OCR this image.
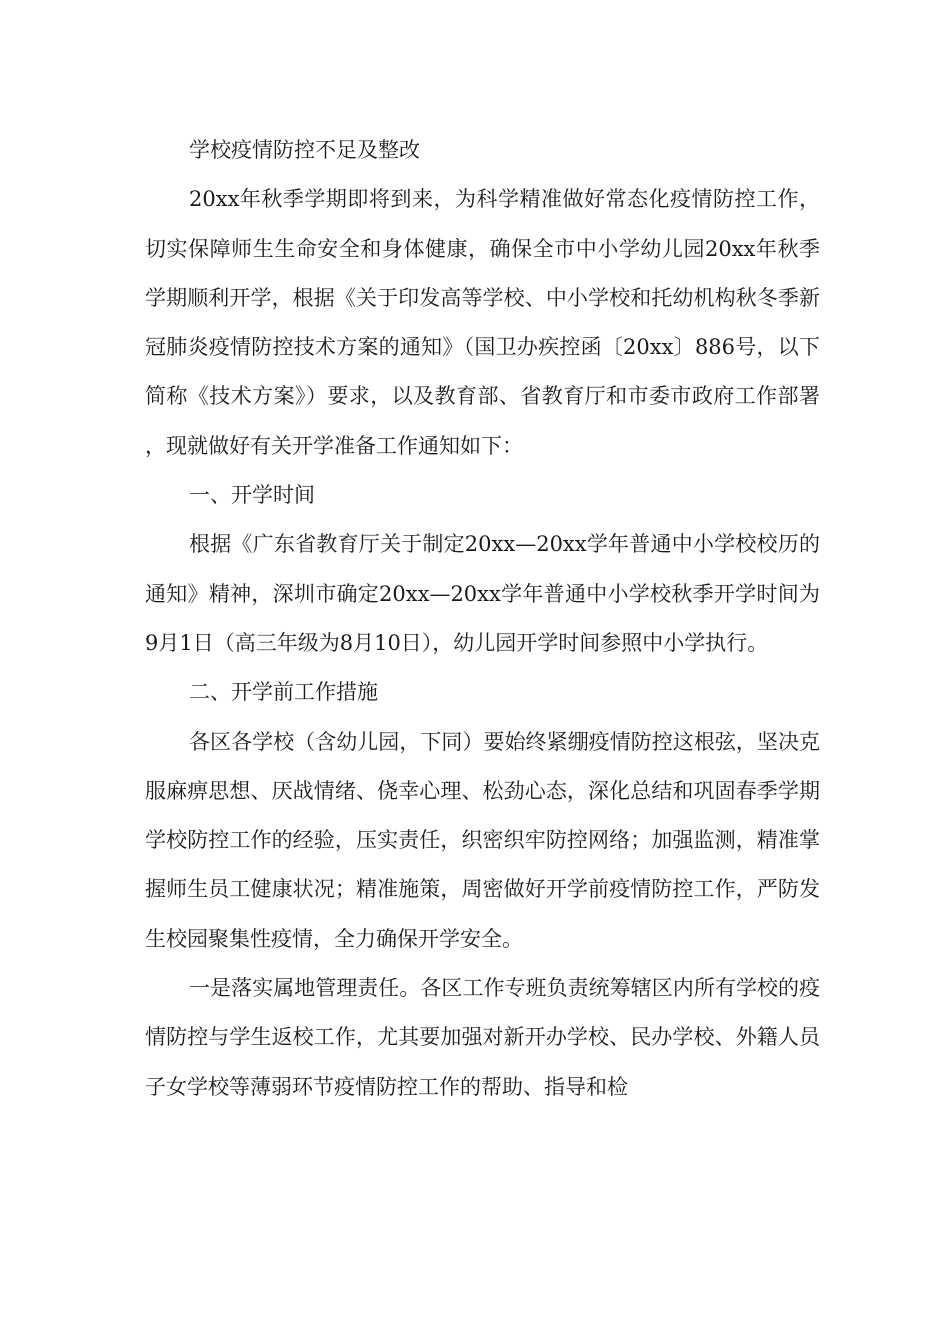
学校疫情防控不足及整改

20xx年秋季学期即将到来，为科学精准做好常态化疫情防控工作，切实保障师生生命安全和身体健康，确保全市中小学幼儿园20xx年秋季学期顺利开学，根据《关于印发高等学校、中小学校和托幼机构秋冬季新冠肺炎疫情防控技术方案的通知》（国卫办疾控函〔20xx〕886号，以下简称《技术方案》）要求，以及教育部、省教育厅和市委市政府工作部署，现就做好有关开学准备工作通知如下：

一、开学时间

根据《广东省教育厅关于制定20xx—20xx学年普通中小学校校历的通知》精神，深圳市确定20xx—20xx学年普通中小学校秋季开学时间为9月1日（高三年级为8月10日），幼儿园开学时间参照中小学执行。

二、开学前工作措施

各区各学校（含幼儿园，下同）要始终紧绷疫情防控这根弦，坚决克服麻痹思想、厌战情绪、侥幸心理、松劲心态，深化总结和巩固春季学期学校防控工作的经验，压实责任，织密织牢防控网络；加强监测，精准掌握师生员工健康状况；精准施策，周密做好开学前疫情防控工作，严防发生校园聚集性疫情，全力确保开学安全。

一是落实属地管理责任。各区工作专班负责统筹辖区内所有学校的疫情防控与学生返校工作，尤其要加强对新开办学校、民办学校、外籍人员子女学校等薄弱环节疫情防控工作的帮助、指导和检
